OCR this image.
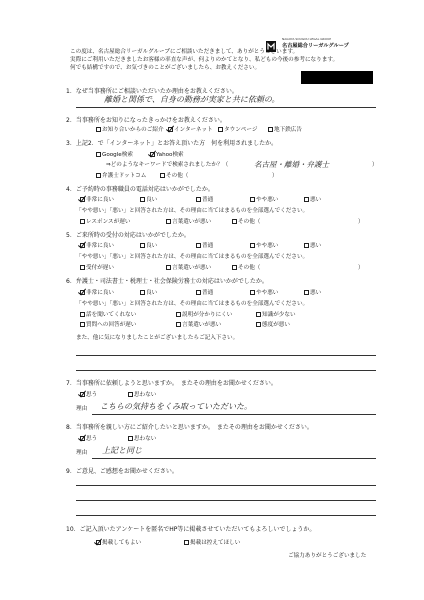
NAGOYA SOUGOU LEGAL GROUP
名古屋総合リーガルグループ
この度は、名古屋総合リーガルグループにご相談いただきまして、ありがとうございます。
実際にご利用いただきましたお客様の率直な声が、何よりのかてとなり、私どもの今後の参考になります。
何でも結構ですので、お気づきのことがございましたら、お教えください。
1．なぜ当事務所にご相談いただいたか理由をお教えください。
離婚と関係で、自身の勤務が実家と共に依頼の。
2．当事務所をお知りになったきっかけをお教えください。
お知り合いからのご紹介	インターネット	タウンページ	地下鉄広告
3．上記2．で「インターネット」とお答え頂いた方　何を利用されましたか。
Google検索	Yahoo検索
⇒どのようなキーワードで検索されましたか？（	名古屋・離婚・弁護士	）
弁護士ドットコム	その他（	）
4．ご予約時の事務職員の電話対応はいかがでしたか。
非常に良い	良い	普通	やや悪い	悪い
「やや悪い」「悪い」と回答された方は、その理由に当てはまるものを全部選んでください。
レスポンスが遅い	言葉遣いが悪い	その他（	）
5．ご来所時の受付の対応はいかがでしたか。
非常に良い	良い	普通	やや悪い	悪い
「やや悪い」「悪い」と回答された方は、その理由に当てはまるものを全部選んでください。
受付が遅い	言葉遣いが悪い	その他（	）
6．弁護士・司法書士・税理士・社会保険労務士の対応はいかがでしたか。
非常に良い	良い	普通	やや悪い	悪い
「やや悪い」「悪い」と回答された方は、その理由に当てはまるものを全部選んでください。
話を聞いてくれない	説明が分かりにくい	知識が少ない
質問への回答が遅い	言葉遣いが悪い	態度が悪い
また、他に気になりましたことがございましたらご記入下さい。
7．当事務所に依頼しようと思いますか。　またその理由をお聞かせください。
思う	思わない
理由 こちらの気持ちをくみ取っていただいた。
8．当事務所を親しい方にご紹介したいと思いますか。　またその理由をお聞かせください。
思う	思わない
理由 上記と同じ
9．ご意見、ご感想をお聞かせください。
10．ご記入頂いたアンケートを匿名でHP等に掲載させていただいてもよろしいでしょうか。
掲載してもよい	掲載は控えてほしい
ご協力ありがとうございました
